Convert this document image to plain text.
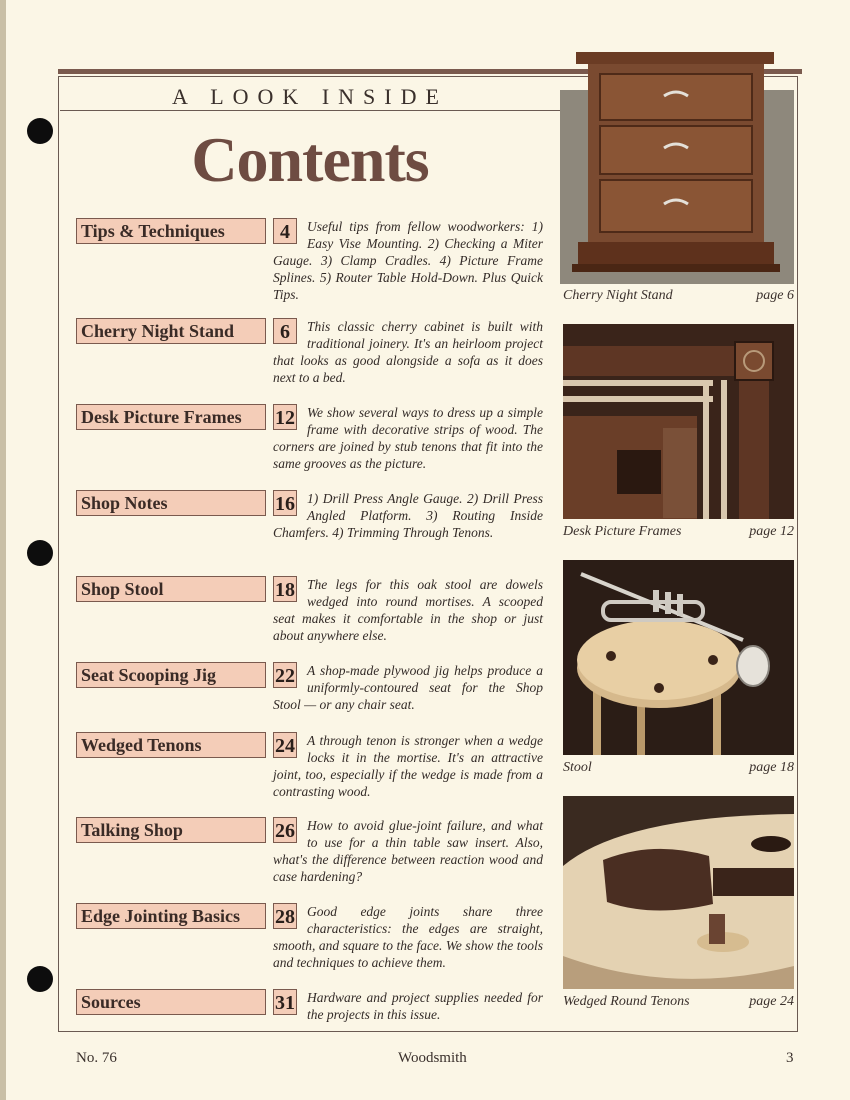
A LOOK INSIDE
Contents
Tips & Techniques	4	Useful tips from fellow woodworkers: 1) Easy Vise Mounting. 2) Checking a Miter Gauge. 3) Clamp Cradles. 4) Picture Frame Splines. 5) Router Table Hold-Down. Plus Quick Tips.
Cherry Night Stand	6	This classic cherry cabinet is built with traditional joinery. It's an heirloom project that looks as good alongside a sofa as it does next to a bed.
Desk Picture Frames	12 We show several ways to dress up a simple frame with decorative strips of wood. The corners are joined by stub tenons that fit into the same grooves as the picture.
Shop Notes	16 1) Drill Press Angle Gauge. 2) Drill Press Angled Platform. 3) Routing Inside Chamfers. 4) Trimming Through Tenons.
Shop Stool	18 The legs for this oak stool are dowels wedged into round mortises. A scooped seat makes it comfortable in the shop or just about anywhere else.
Seat Scooping Jig	22 A shop-made plywood jig helps produce a uniformly-contoured seat for the Shop Stool — or any chair seat.
Wedged Tenons	24 A through tenon is stronger when a wedge locks it in the mortise. It's an attractive joint, too, especially if the wedge is made from a contrasting wood.
Talking Shop	26 How to avoid glue-joint failure, and what to use for a thin table saw insert. Also, what's the difference between reaction wood and case hardening?
Edge Jointing Basics	28 Good edge joints share three characteristics: the edges are straight, smooth, and square to the face. We show the tools and techniques to achieve them.
Sources	31 Hardware and project supplies needed for the projects in this issue.
Cherry Night Stand	page 6
Desk Picture Frames	page 12
Stool	page 18
Wedged Round Tenons	page 24
No. 76	Woodsmith	3
